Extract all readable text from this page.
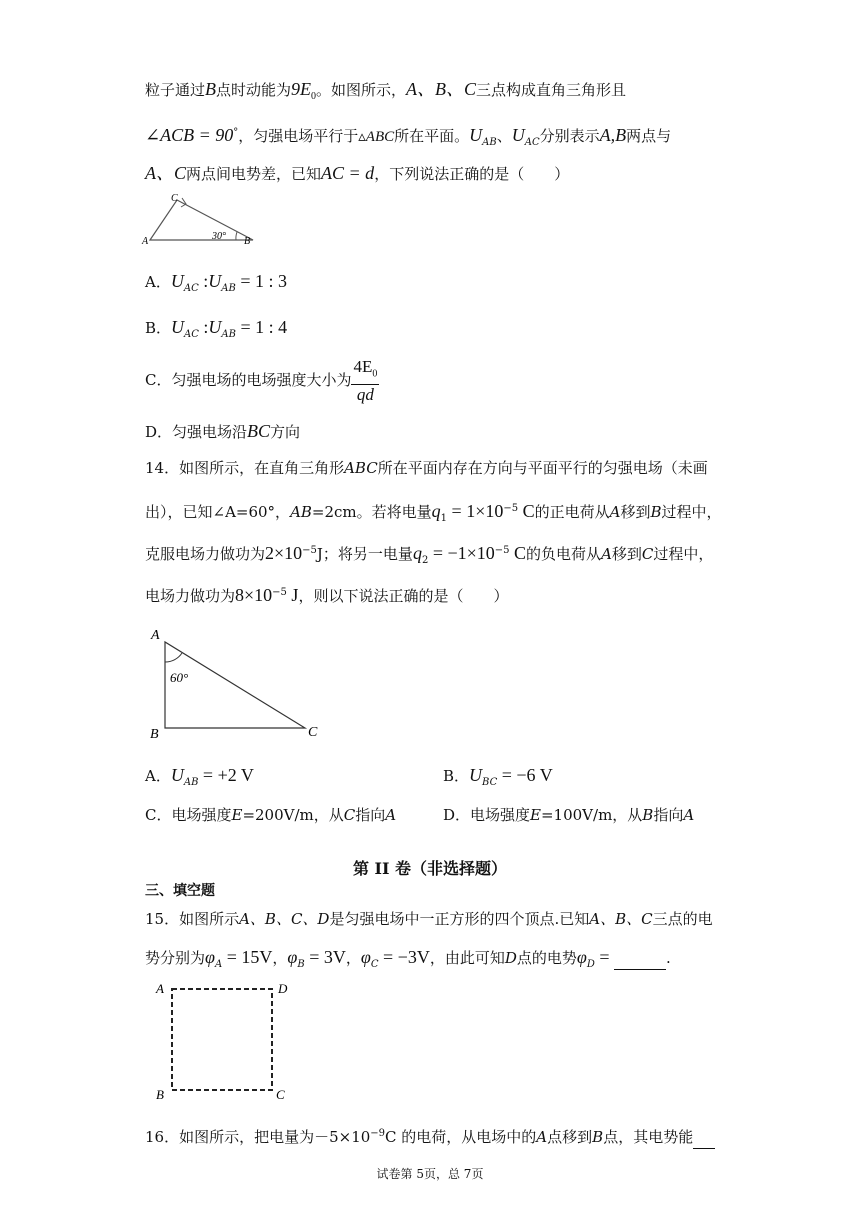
粒子通过B点时动能为$9E_0$。如图所示，A、B、C三点构成直角三角形且
∠ACB = 90°，匀强电场平行于▵ABC所在平面。$U_{AB}$、$U_{AC}$分别表示A,B两点与
A、C两点间电势差，已知AC = d，下列说法正确的是（　　）
C
A	B
30°
A．$U_{AC}$ $:U_{AB} = 1$ : 3
B．$U_{AC}$ $:U_{AB} = 1$ : 4
C．匀强电场的电场强度大小为 $\frac{4E_0}{qd}$
D．匀强电场沿BC方向
14．如图所示，在直角三角形ABC所在平面内存在方向与平面平行的匀强电场（未画
出），已知∠A=60°，AB=2cm。若将电量$q_1 = 1\times 10^{-5}$ C的正电荷从A移到B过程中，
克服电场力做功为$2\times 10^{-5}J$；将另一电量$q_2 = -1\times 10^{-5}$ C的负电荷从A移到C过程中，
电场力做功为$8\times 10^{-5}$ J，则以下说法正确的是（　　）
A
B	C
60°
A．$U_{AB} = +2$ V	B．$U_{BC} = -6$ V
C．电场强度E=200V/m，从C指向A	D．电场强度E=100V/m，从B指向A
第 II 卷（非选择题）
三、填空题
15．如图所示A、B、C、D是匀强电场中一正方形的四个顶点.已知A、B、C三点的电
势分别为$\varphi_A = 15V$，$\varphi_B = 3V$，$\varphi_C = -3V$，由此可知D点的电势$\varphi_D$ =	.
A	D
B	C
16．如图所示，把电量为$-5\times 10^{-9}C$ 的电荷，从电场中的A点移到B点，其电势能
试卷第 5页，总 7页
